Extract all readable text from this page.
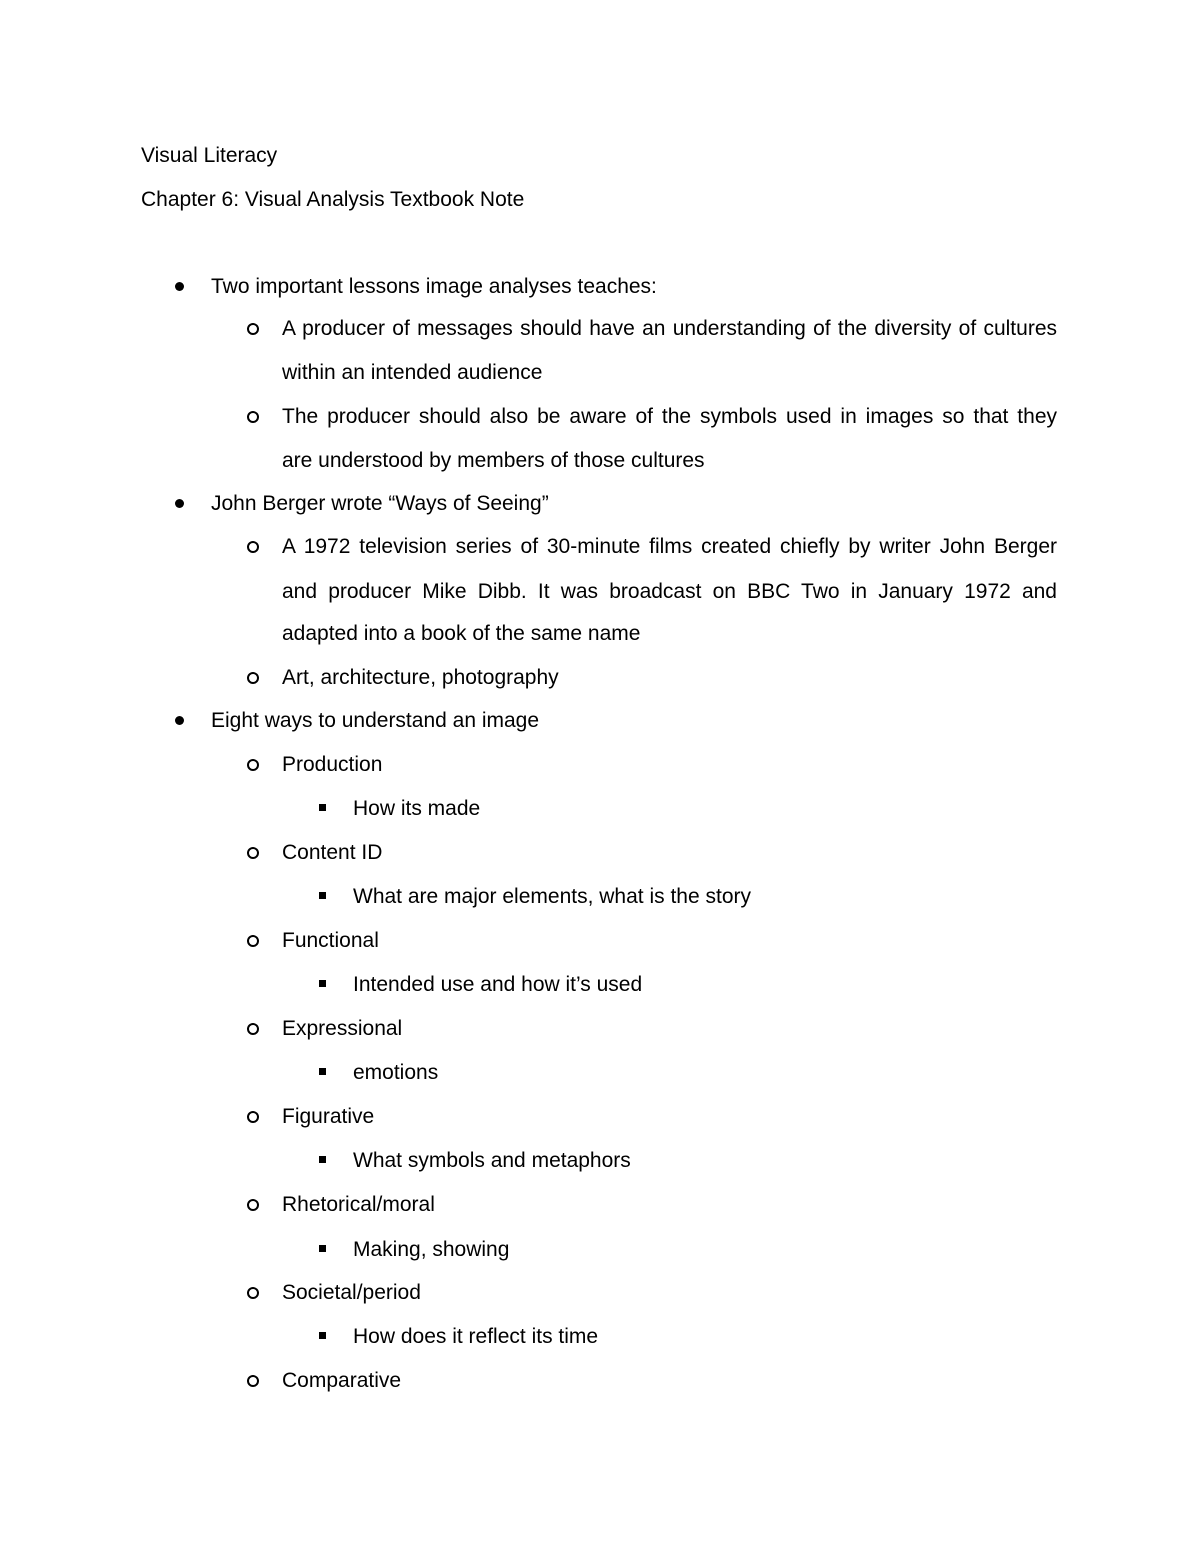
Visual Literacy
Chapter 6: Visual Analysis Textbook Note
Two important lessons image analyses teaches:
A producer of messages should have an understanding of the diversity of cultures
within an intended audience
The producer should also be aware of the symbols used in images so that they
are understood by members of those cultures
John Berger wrote “Ways of Seeing”
A 1972 television series of 30-minute films created chiefly by writer John Berger
and producer Mike Dibb. It was broadcast on BBC Two in January 1972 and
adapted into a book of the same name
Art, architecture, photography
Eight ways to understand an image
Production
How its made
Content ID
What are major elements, what is the story
Functional
Intended use and how it’s used
Expressional
emotions
Figurative
What symbols and metaphors
Rhetorical/moral
Making, showing
Societal/period
How does it reflect its time
Comparative
